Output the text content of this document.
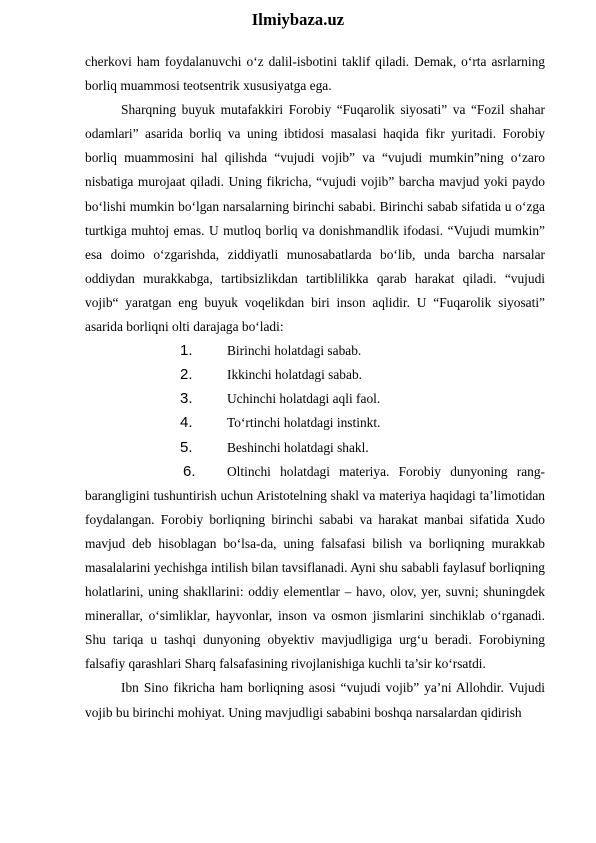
Ilmiybaza.uz

cherkovi ham foydalanuvchi o‘z dalil-isbotini taklif qiladi. Demak, o‘rta asrlarning borliq muammosi teotsentrik xususiyatga ega.

Sharqning buyuk mutafakkiri Forobiy “Fuqarolik siyosati” va “Fozil shahar odamlari” asarida borliq va uning ibtidosi masalasi haqida fikr yuritadi. Forobiy borliq muammosini hal qilishda “vujudi vojib” va “vujudi mumkin”ning o‘zaro nisbatiga murojaat qiladi. Uning fikricha, “vujudi vojib” barcha mavjud yoki paydo bo‘lishi mumkin bo‘lgan narsalarning birinchi sababi. Birinchi sabab sifatida u o‘zga turtkiga muhtoj emas. U mutloq borliq va donishmandlik ifodasi. “Vujudi mumkin” esa doimo o‘zgarishda, ziddiyatli munosabatlarda bo‘lib, unda barcha narsalar oddiydan murakkabga, tartibsizlikdan tartiblilikka qarab harakat qiladi. “vujudi vojib“ yaratgan eng buyuk voqelikdan biri inson aqlidir. U “Fuqarolik siyosati” asarida borliqni olti darajaga bo‘ladi:

1.	Birinchi holatdagi sabab.
2.	Ikkinchi holatdagi sabab.
3.	Uchinchi holatdagi aqli faol.
4.	To‘rtinchi holatdagi instinkt.
5.	Beshinchi holatdagi shakl.
6.	Oltinchi holatdagi materiya. Forobiy dunyoning rang-

barangligini tushuntirish uchun Aristotelning shakl va materiya haqidagi ta’limotidan foydalangan. Forobiy borliqning birinchi sababi va harakat manbai sifatida Xudo mavjud deb hisoblagan bo‘lsa-da, uning falsafasi bilish va borliqning murakkab masalalarini yechishga intilish bilan tavsiflanadi. Ayni shu sababli faylasuf borliqning holatlarini, uning shakllarini: oddiy elementlar – havo, olov, yer, suvni; shuningdek minerallar, o‘simliklar, hayvonlar, inson va osmon jismlarini sinchiklab o‘rganadi. Shu tariqa u tashqi dunyoning obyektiv mavjudligiga urg‘u beradi. Forobiyning falsafiy qarashlari Sharq falsafasining rivojlanishiga kuchli ta’sir ko‘rsatdi.

Ibn Sino fikricha ham borliqning asosi “vujudi vojib” ya’ni Allohdir. Vujudi vojib bu birinchi mohiyat. Uning mavjudligi sababini boshqa narsalardan qidirish
